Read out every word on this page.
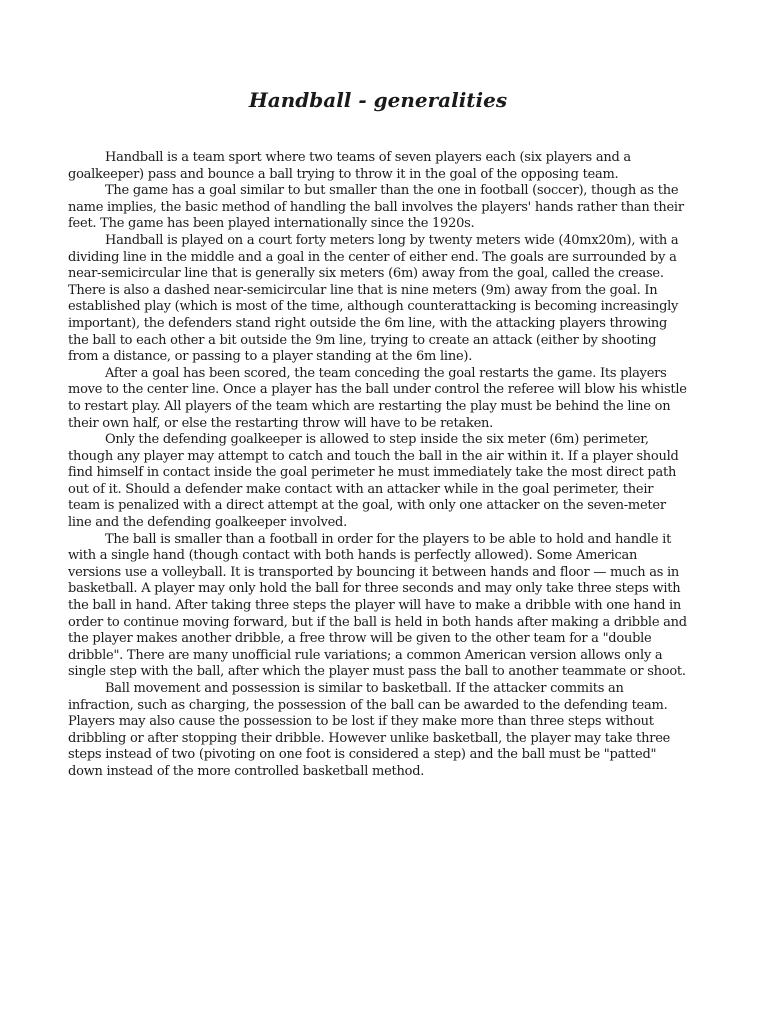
Handball - generalities

Handball is a team sport where two teams of seven players each (six players and a goalkeeper) pass and bounce a ball trying to throw it in the goal of the opposing team.

The game has a goal similar to but smaller than the one in football (soccer), though as the name implies, the basic method of handling the ball involves the players' hands rather than their feet. The game has been played internationally since the 1920s.

Handball is played on a court forty meters long by twenty meters wide (40mx20m), with a dividing line in the middle and a goal in the center of either end. The goals are surrounded by a near-semicircular line that is generally six meters (6m) away from the goal, called the crease. There is also a dashed near-semicircular line that is nine meters (9m) away from the goal. In established play (which is most of the time, although counterattacking is becoming increasingly important), the defenders stand right outside the 6m line, with the attacking players throwing the ball to each other a bit outside the 9m line, trying to create an attack (either by shooting from a distance, or passing to a player standing at the 6m line).

After a goal has been scored, the team conceding the goal restarts the game. Its players move to the center line. Once a player has the ball under control the referee will blow his whistle to restart play. All players of the team which are restarting the play must be behind the line on their own half, or else the restarting throw will have to be retaken.

Only the defending goalkeeper is allowed to step inside the six meter (6m) perimeter, though any player may attempt to catch and touch the ball in the air within it. If a player should find himself in contact inside the goal perimeter he must immediately take the most direct path out of it. Should a defender make contact with an attacker while in the goal perimeter, their team is penalized with a direct attempt at the goal, with only one attacker on the seven-meter line and the defending goalkeeper involved.

The ball is smaller than a football in order for the players to be able to hold and handle it with a single hand (though contact with both hands is perfectly allowed). Some American versions use a volleyball. It is transported by bouncing it between hands and floor — much as in basketball. A player may only hold the ball for three seconds and may only take three steps with the ball in hand. After taking three steps the player will have to make a dribble with one hand in order to continue moving forward, but if the ball is held in both hands after making a dribble and the player makes another dribble, a free throw will be given to the other team for a "double dribble". There are many unofficial rule variations; a common American version allows only a single step with the ball, after which the player must pass the ball to another teammate or shoot.

Ball movement and possession is similar to basketball. If the attacker commits an infraction, such as charging, the possession of the ball can be awarded to the defending team. Players may also cause the possession to be lost if they make more than three steps without dribbling or after stopping their dribble. However unlike basketball, the player may take three steps instead of two (pivoting on one foot is considered a step) and the ball must be "patted" down instead of the more controlled basketball method.
